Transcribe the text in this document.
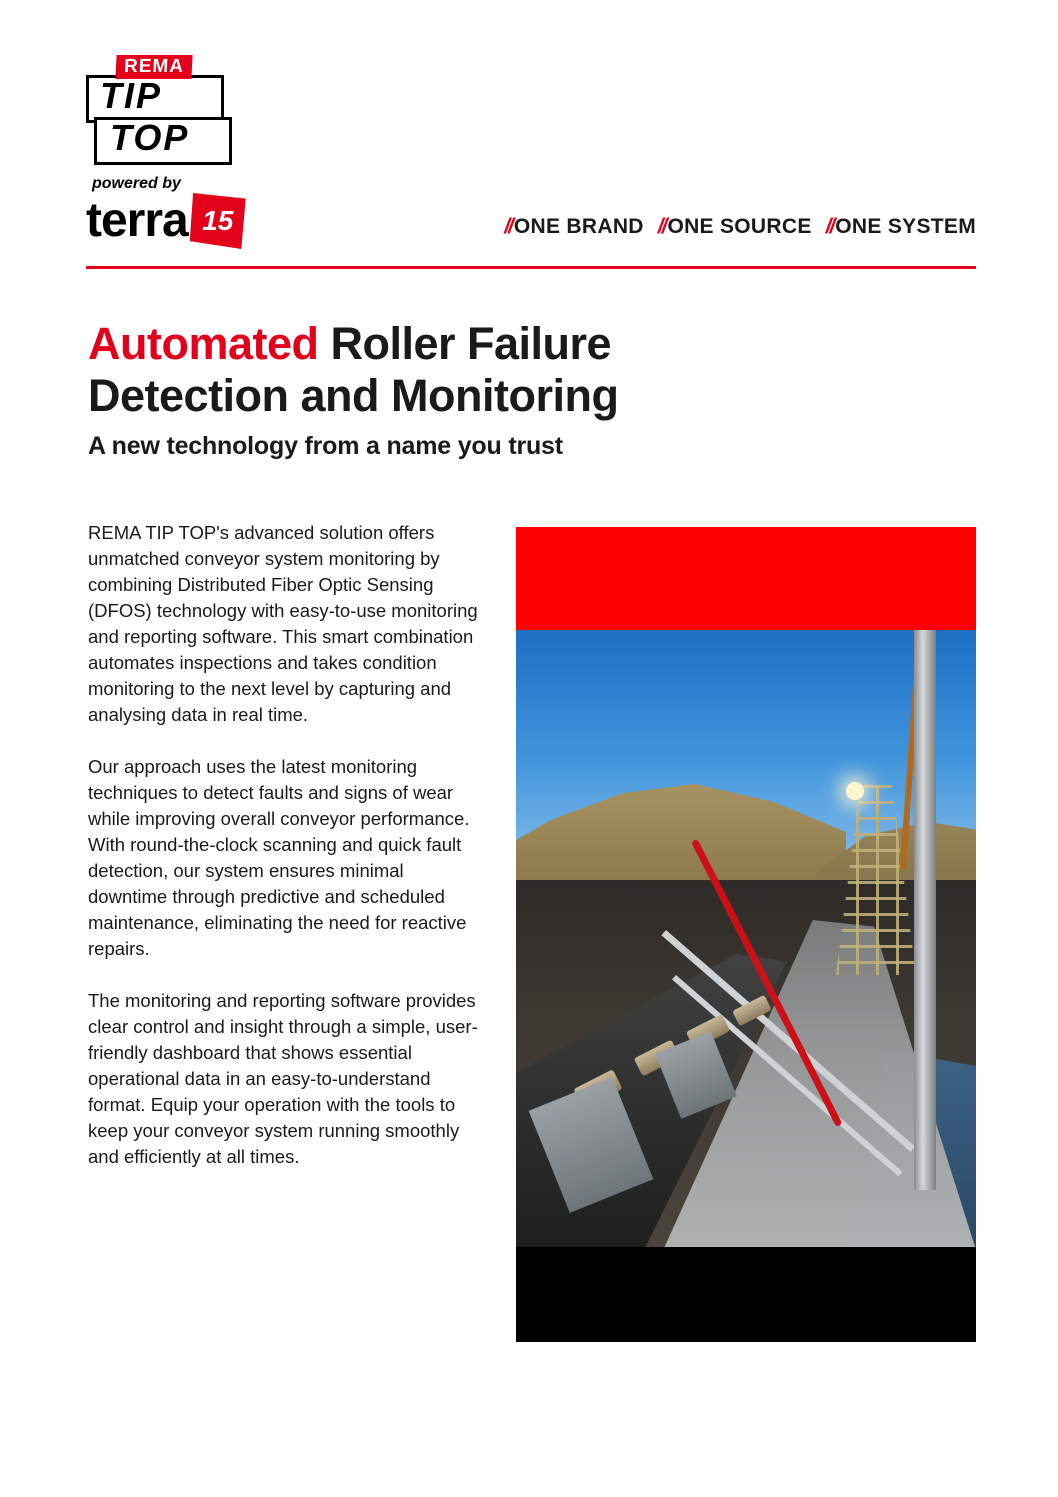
REMA
TIP
TOP
powered by
terra 15	//ONE BRAND //ONE SOURCE //ONE SYSTEM
Automated Roller Failure
Detection and Monitoring
A new technology from a name you trust

REMA TIP TOP's advanced solution offers unmatched conveyor system monitoring by combining Distributed Fiber Optic Sensing (DFOS) technology with easy-to-use monitoring and reporting software. This smart combination automates inspections and takes condition monitoring to the next level by capturing and analysing data in real time.

Our approach uses the latest monitoring techniques to detect faults and signs of wear while improving overall conveyor performance. With round-the-clock scanning and quick fault detection, our system ensures minimal downtime through predictive and scheduled maintenance, eliminating the need for reactive repairs.

The monitoring and reporting software provides clear control and insight through a simple, user-friendly dashboard that shows essential operational data in an easy-to-understand format. Equip your operation with the tools to keep your conveyor system running smoothly and efficiently at all times.
